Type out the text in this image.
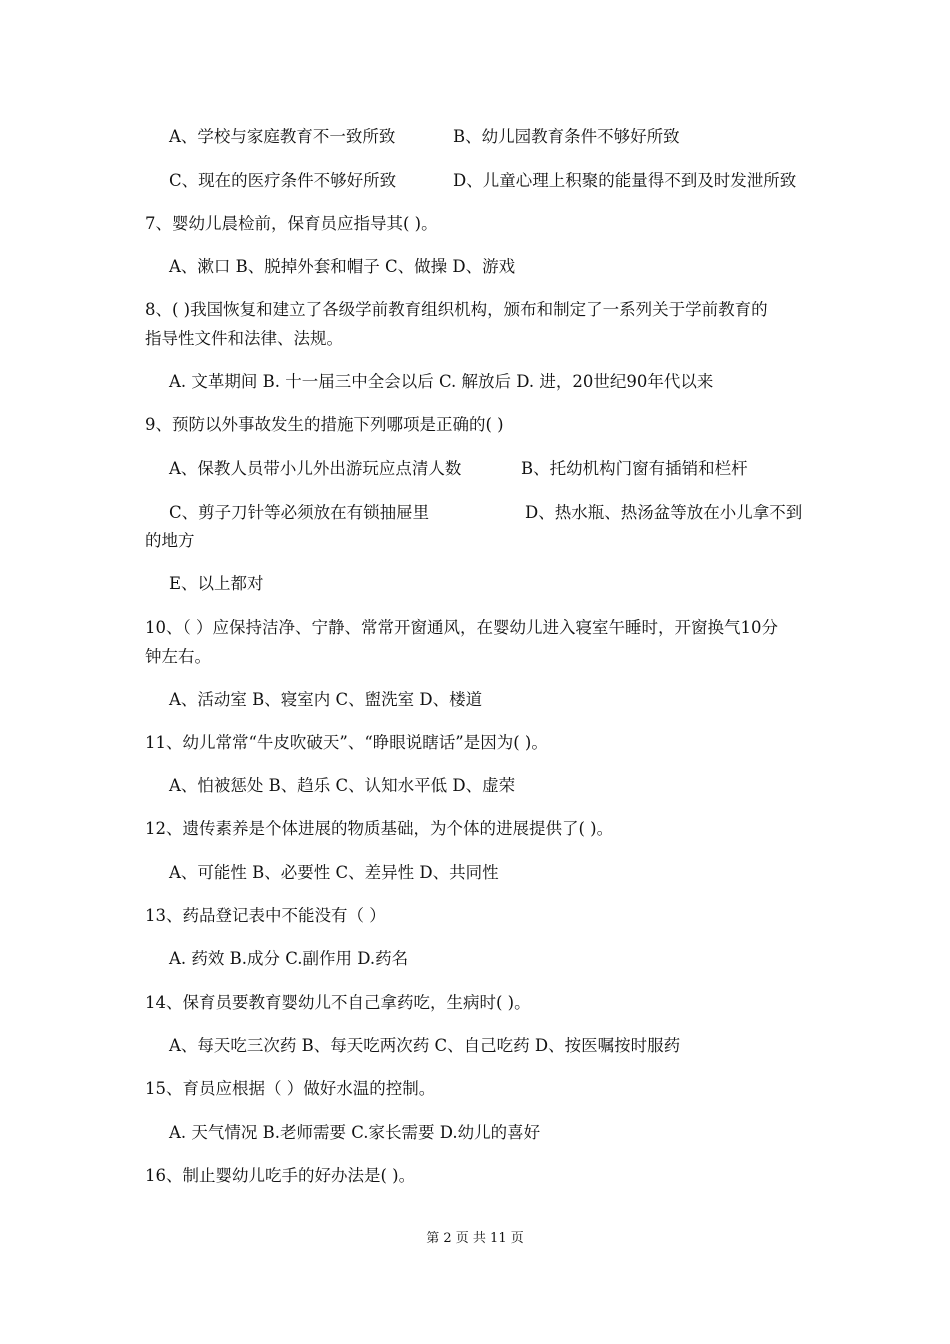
A、学校与家庭教育不一致所致	B、幼儿园教育条件不够好所致
C、现在的医疗条件不够好所致	D、儿童心理上积聚的能量得不到及时发泄所致
7、婴幼儿晨检前，保育员应指导其( )。
A、漱口 B、脱掉外套和帽子 C、做操 D、游戏
8、( )我国恢复和建立了各级学前教育组织机构，颁布和制定了一系列关于学前教育的
指导性文件和法律、法规。
A. 文革期间 B. 十一届三中全会以后 C. 解放后 D. 进，20世纪90年代以来
9、预防以外事故发生的措施下列哪项是正确的( )
A、保教人员带小儿外出游玩应点清人数	B、托幼机构门窗有插销和栏杆
C、剪子刀针等必须放在有锁抽屉里	D、热水瓶、热汤盆等放在小儿拿不到
的地方
E、以上都对
10、（ ）应保持洁净、宁静、常常开窗通风，在婴幼儿进入寝室午睡时，开窗换气10分
钟左右。
A、活动室 B、寝室内 C、盥洗室 D、楼道
11、幼儿常常“牛皮吹破天”、“睁眼说瞎话”是因为( )。
A、怕被惩处 B、趋乐 C、认知水平低 D、虚荣
12、遗传素养是个体进展的物质基础，为个体的进展提供了( )。
A、可能性 B、必要性 C、差异性 D、共同性
13、药品登记表中不能没有（ ）
A. 药效 B.成分 C.副作用 D.药名
14、保育员要教育婴幼儿不自己拿药吃，生病时( )。
A、每天吃三次药 B、每天吃两次药 C、自己吃药 D、按医嘱按时服药
15、育员应根据（ ）做好水温的控制。
A. 天气情况 B.老师需要 C.家长需要 D.幼儿的喜好
16、制止婴幼儿吃手的好办法是( )。
第 2 页 共 11 页
